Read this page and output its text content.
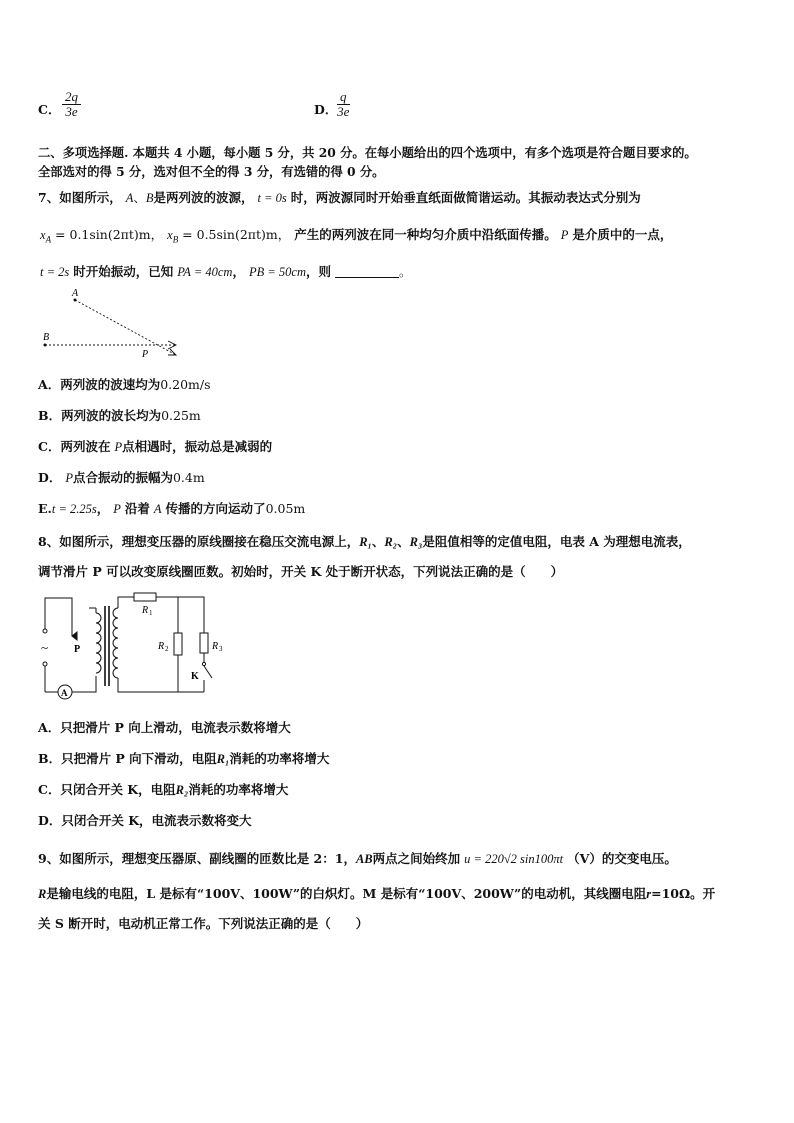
C． $\frac{2q}{3e}$	D． $\frac{q}{3e}$
二、多项选择题. 本题共 4 小题，每小题 5 分，共 20 分。在每小题给出的四个选项中，有多个选项是符合题目要求的。
全部选对的得 5 分，选对但不全的得 3 分，有选错的得 0 分。
7、如图所示， A、B是两列波的波源， t = 0s 时，两波源同时开始垂直纸面做简谐运动。其振动表达式分别为
$x_A = 0.1\sin(2\pi t)m$， $x_B = 0.5\sin(2\pi t)m$， 产生的两列波在同一种均匀介质中沿纸面传播。 P 是介质中的一点，
t = 2s 时开始振动，已知 PA = 40cm， PB = 50cm，则	。
A
B
P
A．两列波的波速均为0.20m/s
B．两列波的波长均为0.25m
C．两列波在 P点相遇时，振动总是减弱的
D． P点合振动的振幅为0.4m
E.t = 2.25s， P 沿着 A 传播的方向运动了0.05m
8、如图所示，理想变压器的原线圈接在稳压交流电源上，R₁、R₂、R₃是阻值相等的定值电阻，电表 A 为理想电流表，
调节滑片 P 可以改变原线圈匝数。初始时，开关 K 处于断开状态，下列说法正确的是（　　）
~	P
A
R 1
R 2	R 3
K
A．只把滑片 P 向上滑动，电流表示数将增大
B．只把滑片 P 向下滑动，电阻R₁消耗的功率将增大
C．只闭合开关 K，电阻R₂消耗的功率将增大
D．只闭合开关 K，电流表示数将变大
9、如图所示，理想变压器原、副线圈的匝数比是 2：1，AB两点之间始终加 u = 220√2 sin100πt （V）的交变电压。
R是输电线的电阻，L 是标有“100V、100W”的白炽灯。M 是标有“100V、200W”的电动机，其线圈电阻r=10Ω。开
关 S 断开时，电动机正常工作。下列说法正确的是（　　）
